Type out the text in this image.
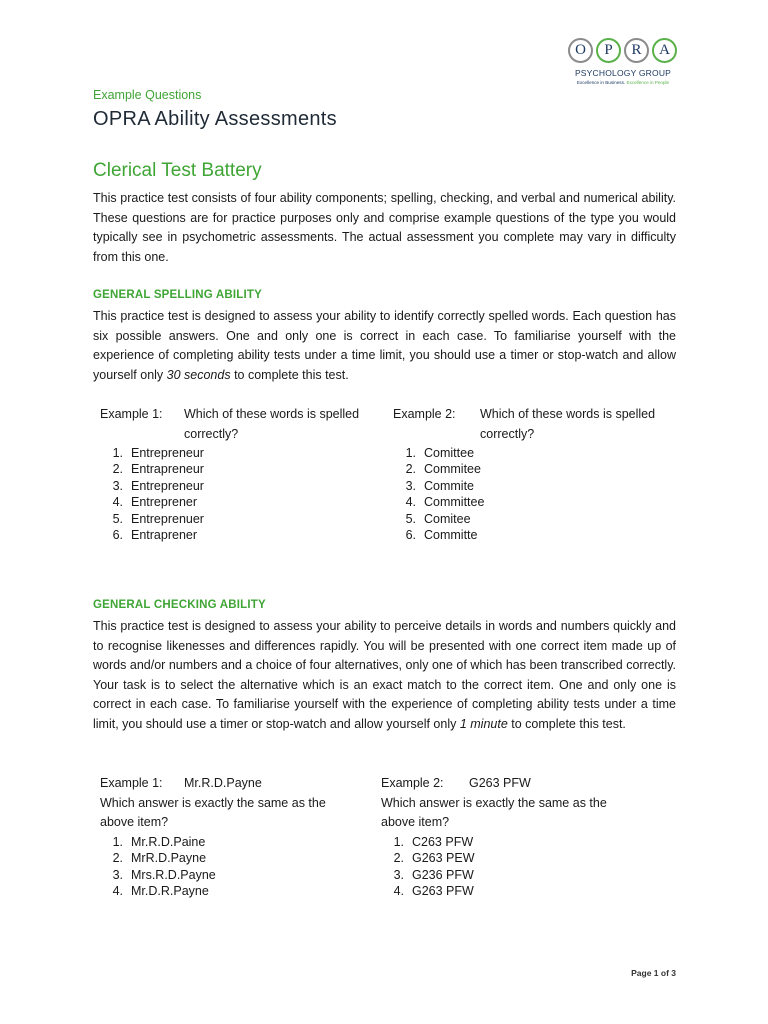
O	P	R	A
PSYCHOLOGY GROUP
Excellence in Business. Excellence in People
Example Questions
OPRA Ability Assessments
Clerical Test Battery

This practice test consists of four ability components; spelling, checking, and verbal and numerical ability. These questions are for practice purposes only and comprise example questions of the type you would typically see in psychometric assessments. The actual assessment you complete may vary in difficulty from this one.

GENERAL SPELLING ABILITY

This practice test is designed to assess your ability to identify correctly spelled words. Each question has six possible answers. One and only one is correct in each case. To familiarise yourself with the experience of completing ability tests under a time limit, you should use a timer or stop-watch and allow yourself only 30 seconds to complete this test.

Example 1: Which of these words is spelled correctly?
1. Entrepreneur
2. Entrapreneur
3. Entrepreneur
4. Entreprener
5. Entreprenuer
6. Entraprener
Example 2: Which of these words is spelled correctly?
1. Comittee
2. Commitee
3. Commite
4. Committee
5. Comitee
6. Committe
GENERAL CHECKING ABILITY

This practice test is designed to assess your ability to perceive details in words and numbers quickly and to recognise likenesses and differences rapidly. You will be presented with one correct item made up of words and/or numbers and a choice of four alternatives, only one of which has been transcribed correctly. Your task is to select the alternative which is an exact match to the correct item. One and only one is correct in each case. To familiarise yourself with the experience of completing ability tests under a time limit, you should use a timer or stop-watch and allow yourself only 1 minute to complete this test.

Example 1: Mr.R.D.Payne
Which answer is exactly the same as the above item?
1. Mr.R.D.Paine
2. MrR.D.Payne
3. Mrs.R.D.Payne
4. Mr.D.R.Payne
Example 2: G263 PFW
Which answer is exactly the same as the above item?
1. C263 PFW
2. G263 PEW
3. G236 PFW
4. G263 PFW
Page 1 of 3
